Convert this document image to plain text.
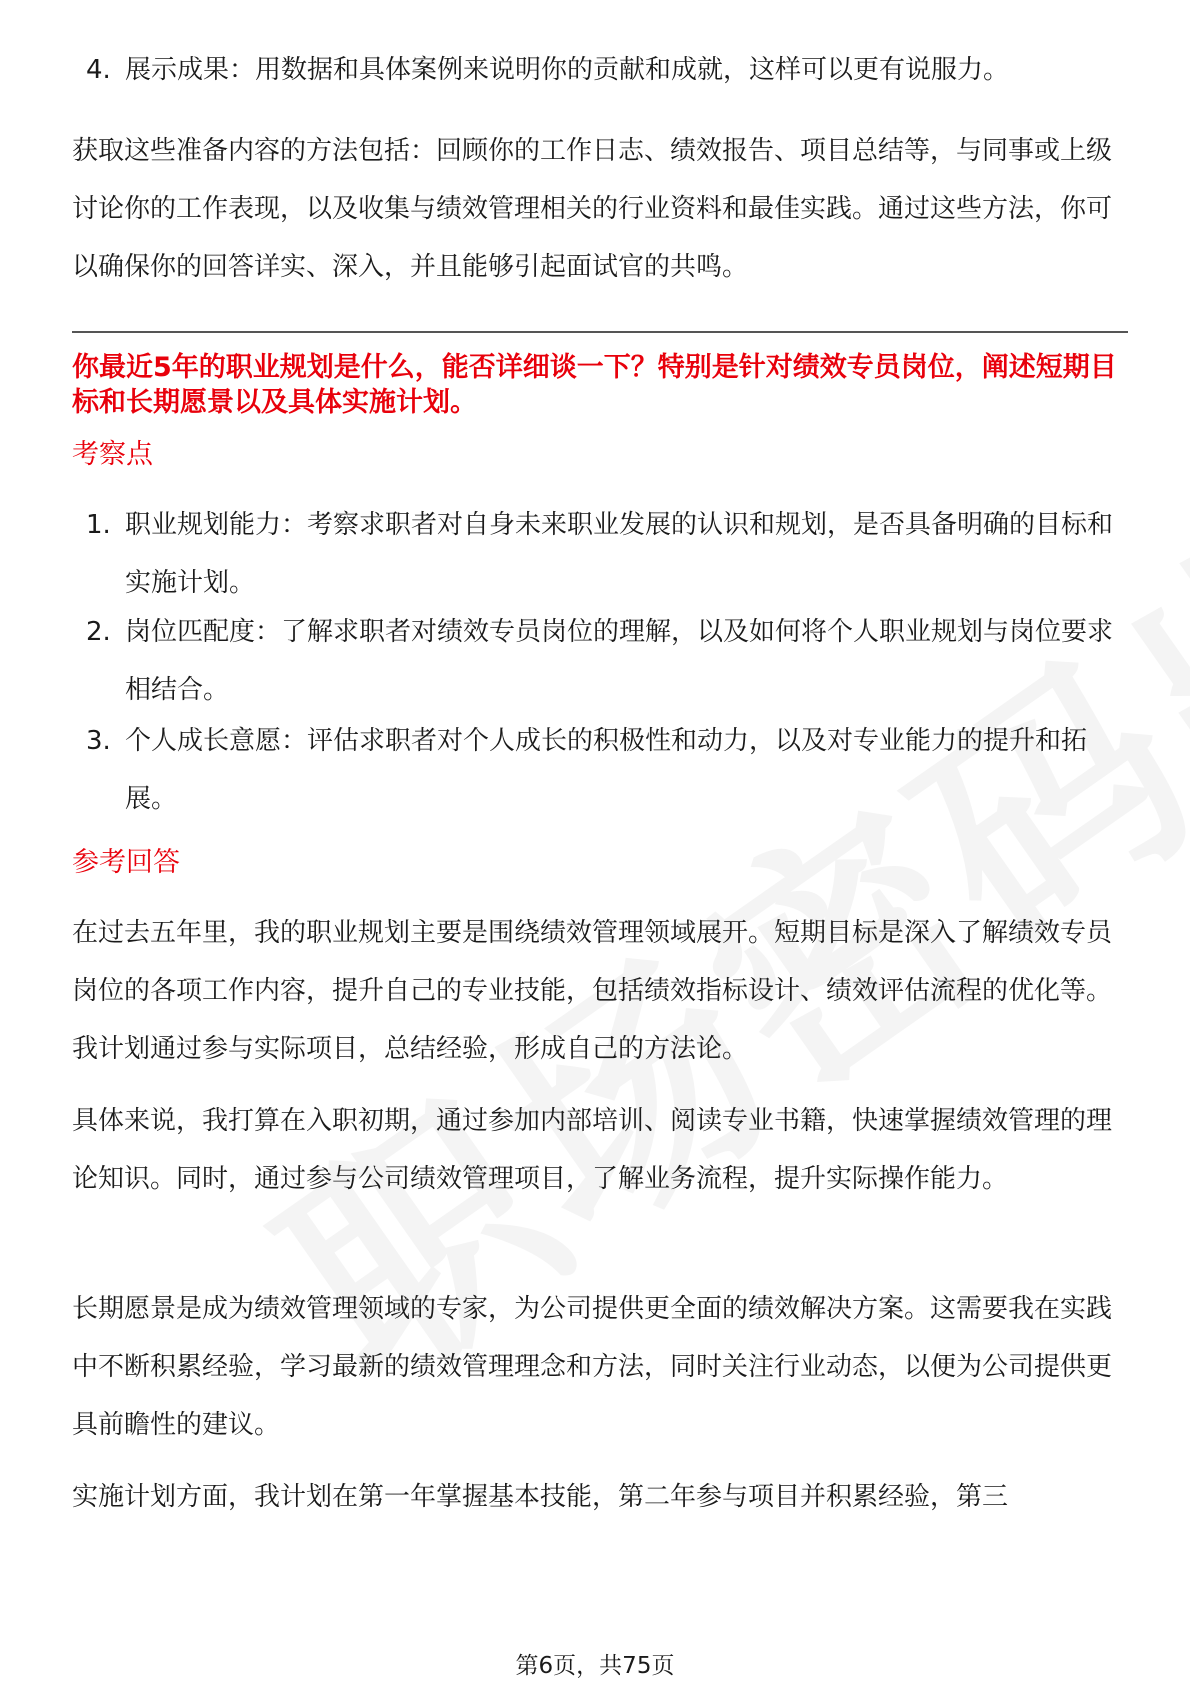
4. 展示成果：用数据和具体案例来说明你的贡献和成就，这样可以更有说服力。
获取这些准备内容的方法包括：回顾你的工作日志、绩效报告、项目总结等，与同事或上级讨论你的工作表现，以及收集与绩效管理相关的行业资料和最佳实践。通过这些方法，你可以确保你的回答详实、深入，并且能够引起面试官的共鸣。
你最近5年的职业规划是什么，能否详细谈一下？特别是针对绩效专员岗位，阐述短期目标和长期愿景以及具体实施计划。
考察点
1. 职业规划能力：考察求职者对自身未来职业发展的认识和规划，是否具备明确的目标和实施计划。
2. 岗位匹配度：了解求职者对绩效专员岗位的理解，以及如何将个人职业规划与岗位要求相结合。
3. 个人成长意愿：评估求职者对个人成长的积极性和动力，以及对专业能力的提升和拓展。
参考回答
在过去五年里，我的职业规划主要是围绕绩效管理领域展开。短期目标是深入了解绩效专员岗位的各项工作内容，提升自己的专业技能，包括绩效指标设计、绩效评估流程的优化等。我计划通过参与实际项目，总结经验，形成自己的方法论。
具体来说，我打算在入职初期，通过参加内部培训、阅读专业书籍，快速掌握绩效管理的理论知识。同时，通过参与公司绩效管理项目，了解业务流程，提升实际操作能力。
长期愿景是成为绩效管理领域的专家，为公司提供更全面的绩效解决方案。这需要我在实践中不断积累经验，学习最新的绩效管理理念和方法，同时关注行业动态，以便为公司提供更具前瞻性的建议。
实施计划方面，我计划在第一年掌握基本技能，第二年参与项目并积累经验，第三
第6页，共75页
